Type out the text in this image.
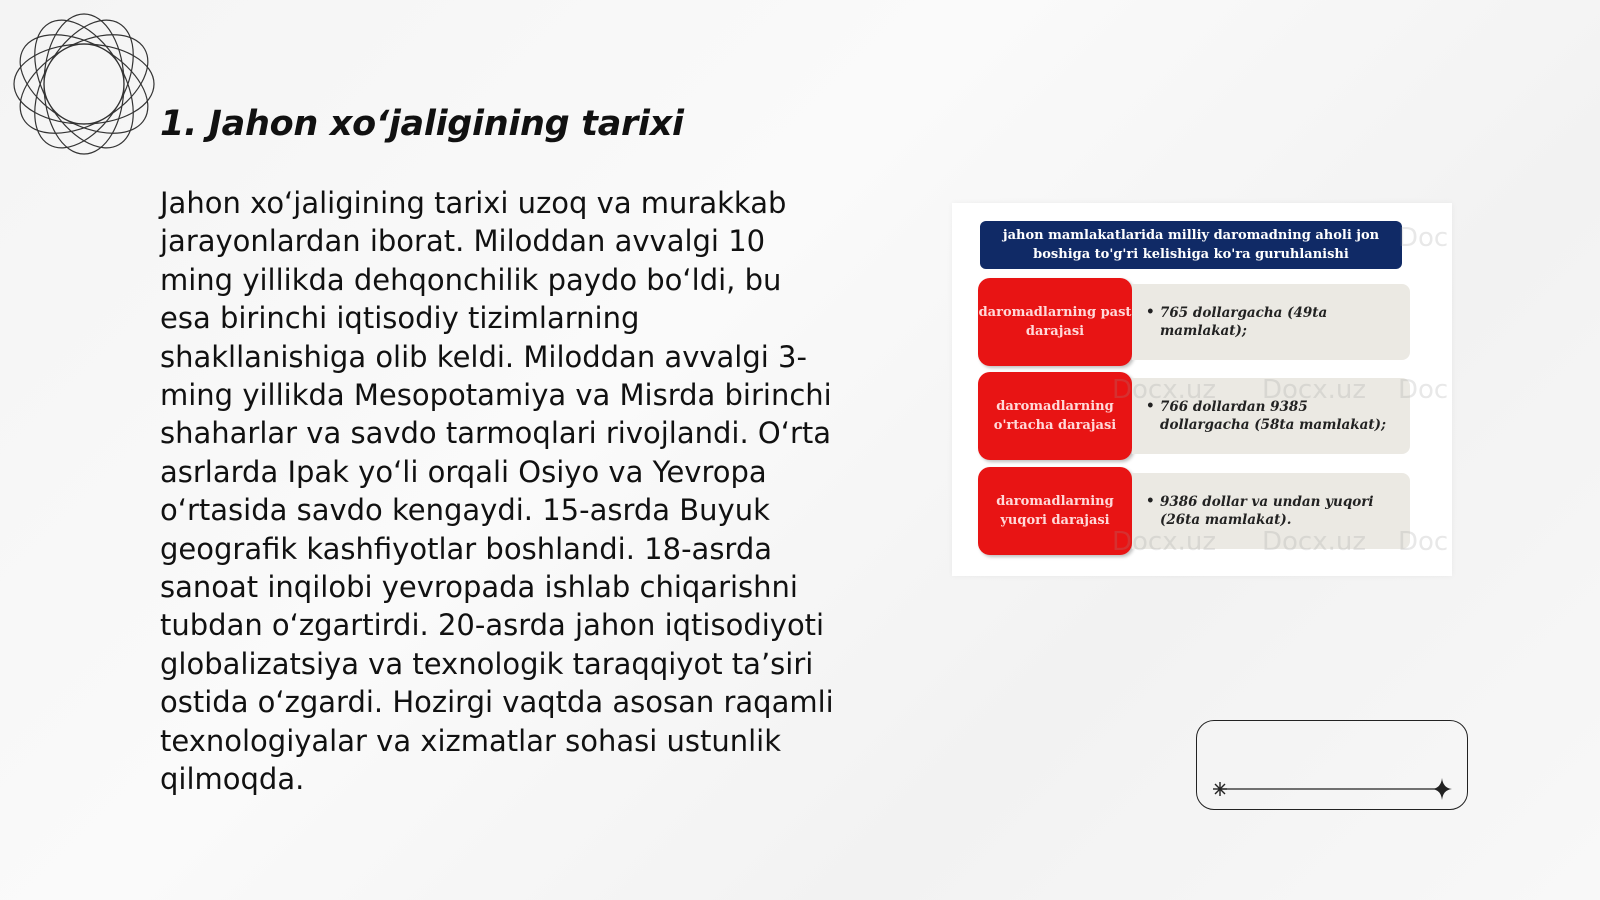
1. Jahon xo‘jaligining tarixi

Jahon xo‘jaligining tarixi uzoq va murakkab jarayonlardan iborat. Miloddan avvalgi 10 ming yillikda dehqonchilik paydo bo‘ldi, bu esa birinchi iqtisodiy tizimlarning shakllanishiga olib keldi. Miloddan avvalgi 3-ming yillikda Mesopotamiya va Misrda birinchi shaharlar va savdo tarmoqlari rivojlandi. O‘rta asrlarda Ipak yo‘li orqali Osiyo va Yevropa o‘rtasida savdo kengaydi. 15-asrda Buyuk geografik kashfiyotlar boshlandi. 18-asrda sanoat inqilobi yevropada ishlab chiqarishni tubdan o‘zgartirdi. 20-asrda jahon iqtisodiyoti globalizatsiya va texnologik taraqqiyot ta’siri ostida o‘zgardi. Hozirgi vaqtda asosan raqamli texnologiyalar va xizmatlar sohasi ustunlik qilmoqda.

jahon mamlakatlarida milliy daromadning aholi jon boshiga to'g'ri kelishiga ko'ra guruhlanishi
daromadlarning past darajasi
• 765 dollargacha (49ta mamlakat);
daromadlarning o'rtacha darajasi
• 766 dollardan 9385 dollargacha (58ta mamlakat);
daromadlarning yuqori darajasi
• 9386 dollar va undan yuqori (26ta mamlakat).
Doc
Docx.uz Docx.uz Doc
Docx.uz Docx.uz Doc
